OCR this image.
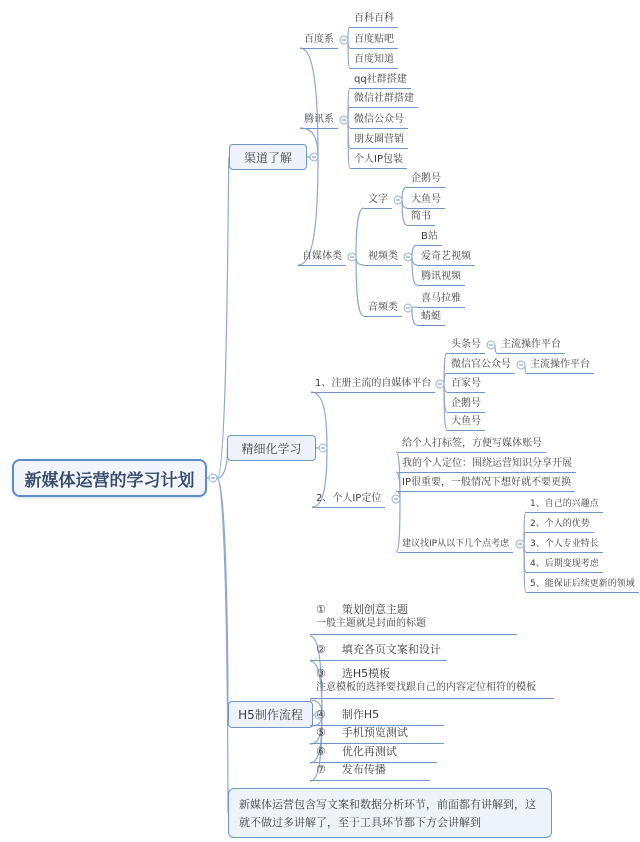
新媒体运营的学习计划
渠道了解
精细化学习
H5制作流程
百度系
百科百科
百度贴吧
百度知道
腾讯系
qq社群搭建
微信社群搭建
微信公众号
朋友圈营销
个人IP包装
自媒体类
文字
企鹅号
大鱼号
简书
视频类
B站
爱奇艺视频
腾讯视频
音频类
喜马拉雅
蜻蜓
1、注册主流的自媒体平台
头条号	主流操作平台
微信官公众号	主流操作平台
百家号
企鹅号
大鱼号
2、个人IP定位
给个人打标签，方便写媒体账号
我的个人定位：围绕运营知识分享开展
IP很重要，一般情况下想好就不要更换
建议找IP从以下几个点考虑
1、自己的兴趣点
2、个人的优势
3、个人专业特长
4、后期变现考虑
5、能保证后续更新的领域
① 策划创意主题
一般主题就是封面的标题
② 填充各页文案和设计
③ 选H5模板
注意模板的选择要找跟自己的内容定位相符的模板
④ 制作H5
⑤ 手机预览测试
⑥ 优化再测试
⑦ 发布传播
新媒体运营包含写文案和数据分析环节，前面都有讲解到，这就不做过多讲解了，至于工具环节都下方会讲解到
